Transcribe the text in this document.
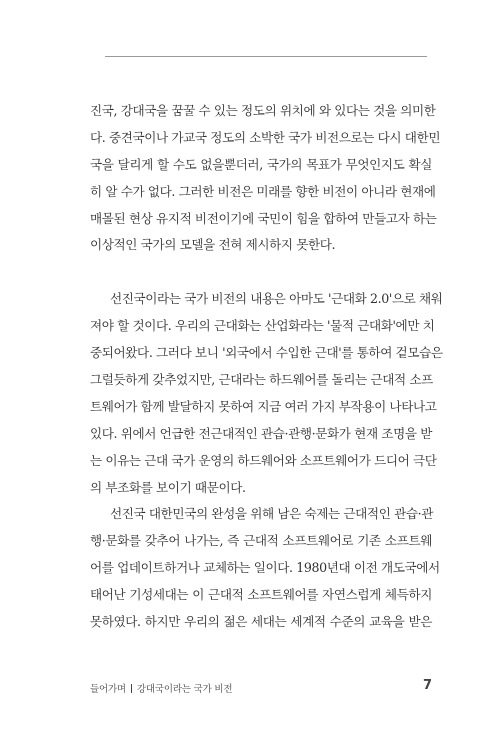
진국, 강대국을 꿈꿀 수 있는 정도의 위치에 와 있다는 것을 의미한
다. 중견국이나 가교국 정도의 소박한 국가 비전으로는 다시 대한민
국을 달리게 할 수도 없을뿐더러, 국가의 목표가 무엇인지도 확실
히 알 수가 없다. 그러한 비전은 미래를 향한 비전이 아니라 현재에
매몰된 현상 유지적 비전이기에 국민이 힘을 합하여 만들고자 하는
이상적인 국가의 모델을 전혀 제시하지 못한다.
선진국이라는 국가 비전의 내용은 아마도 '근대화 2.0'으로 채워
져야 할 것이다. 우리의 근대화는 산업화라는 '물적 근대화'에만 치
중되어왔다. 그러다 보니 '외국에서 수입한 근대'를 통하여 겉모습은
그럴듯하게 갖추었지만, 근대라는 하드웨어를 돌리는 근대적 소프
트웨어가 함께 발달하지 못하여 지금 여러 가지 부작용이 나타나고
있다. 위에서 언급한 전근대적인 관습·관행·문화가 현재 조명을 받
는 이유는 근대 국가 운영의 하드웨어와 소프트웨어가 드디어 극단
의 부조화를 보이기 때문이다.
선진국 대한민국의 완성을 위해 남은 숙제는 근대적인 관습·관
행·문화를 갖추어 나가는, 즉 근대적 소프트웨어로 기존 소프트웨
어를 업데이트하거나 교체하는 일이다. 1980년대 이전 개도국에서
태어난 기성세대는 이 근대적 소프트웨어를 자연스럽게 체득하지
못하였다. 하지만 우리의 젊은 세대는 세계적 수준의 교육을 받은
들어가며 강대국이라는 국가 비전	7
